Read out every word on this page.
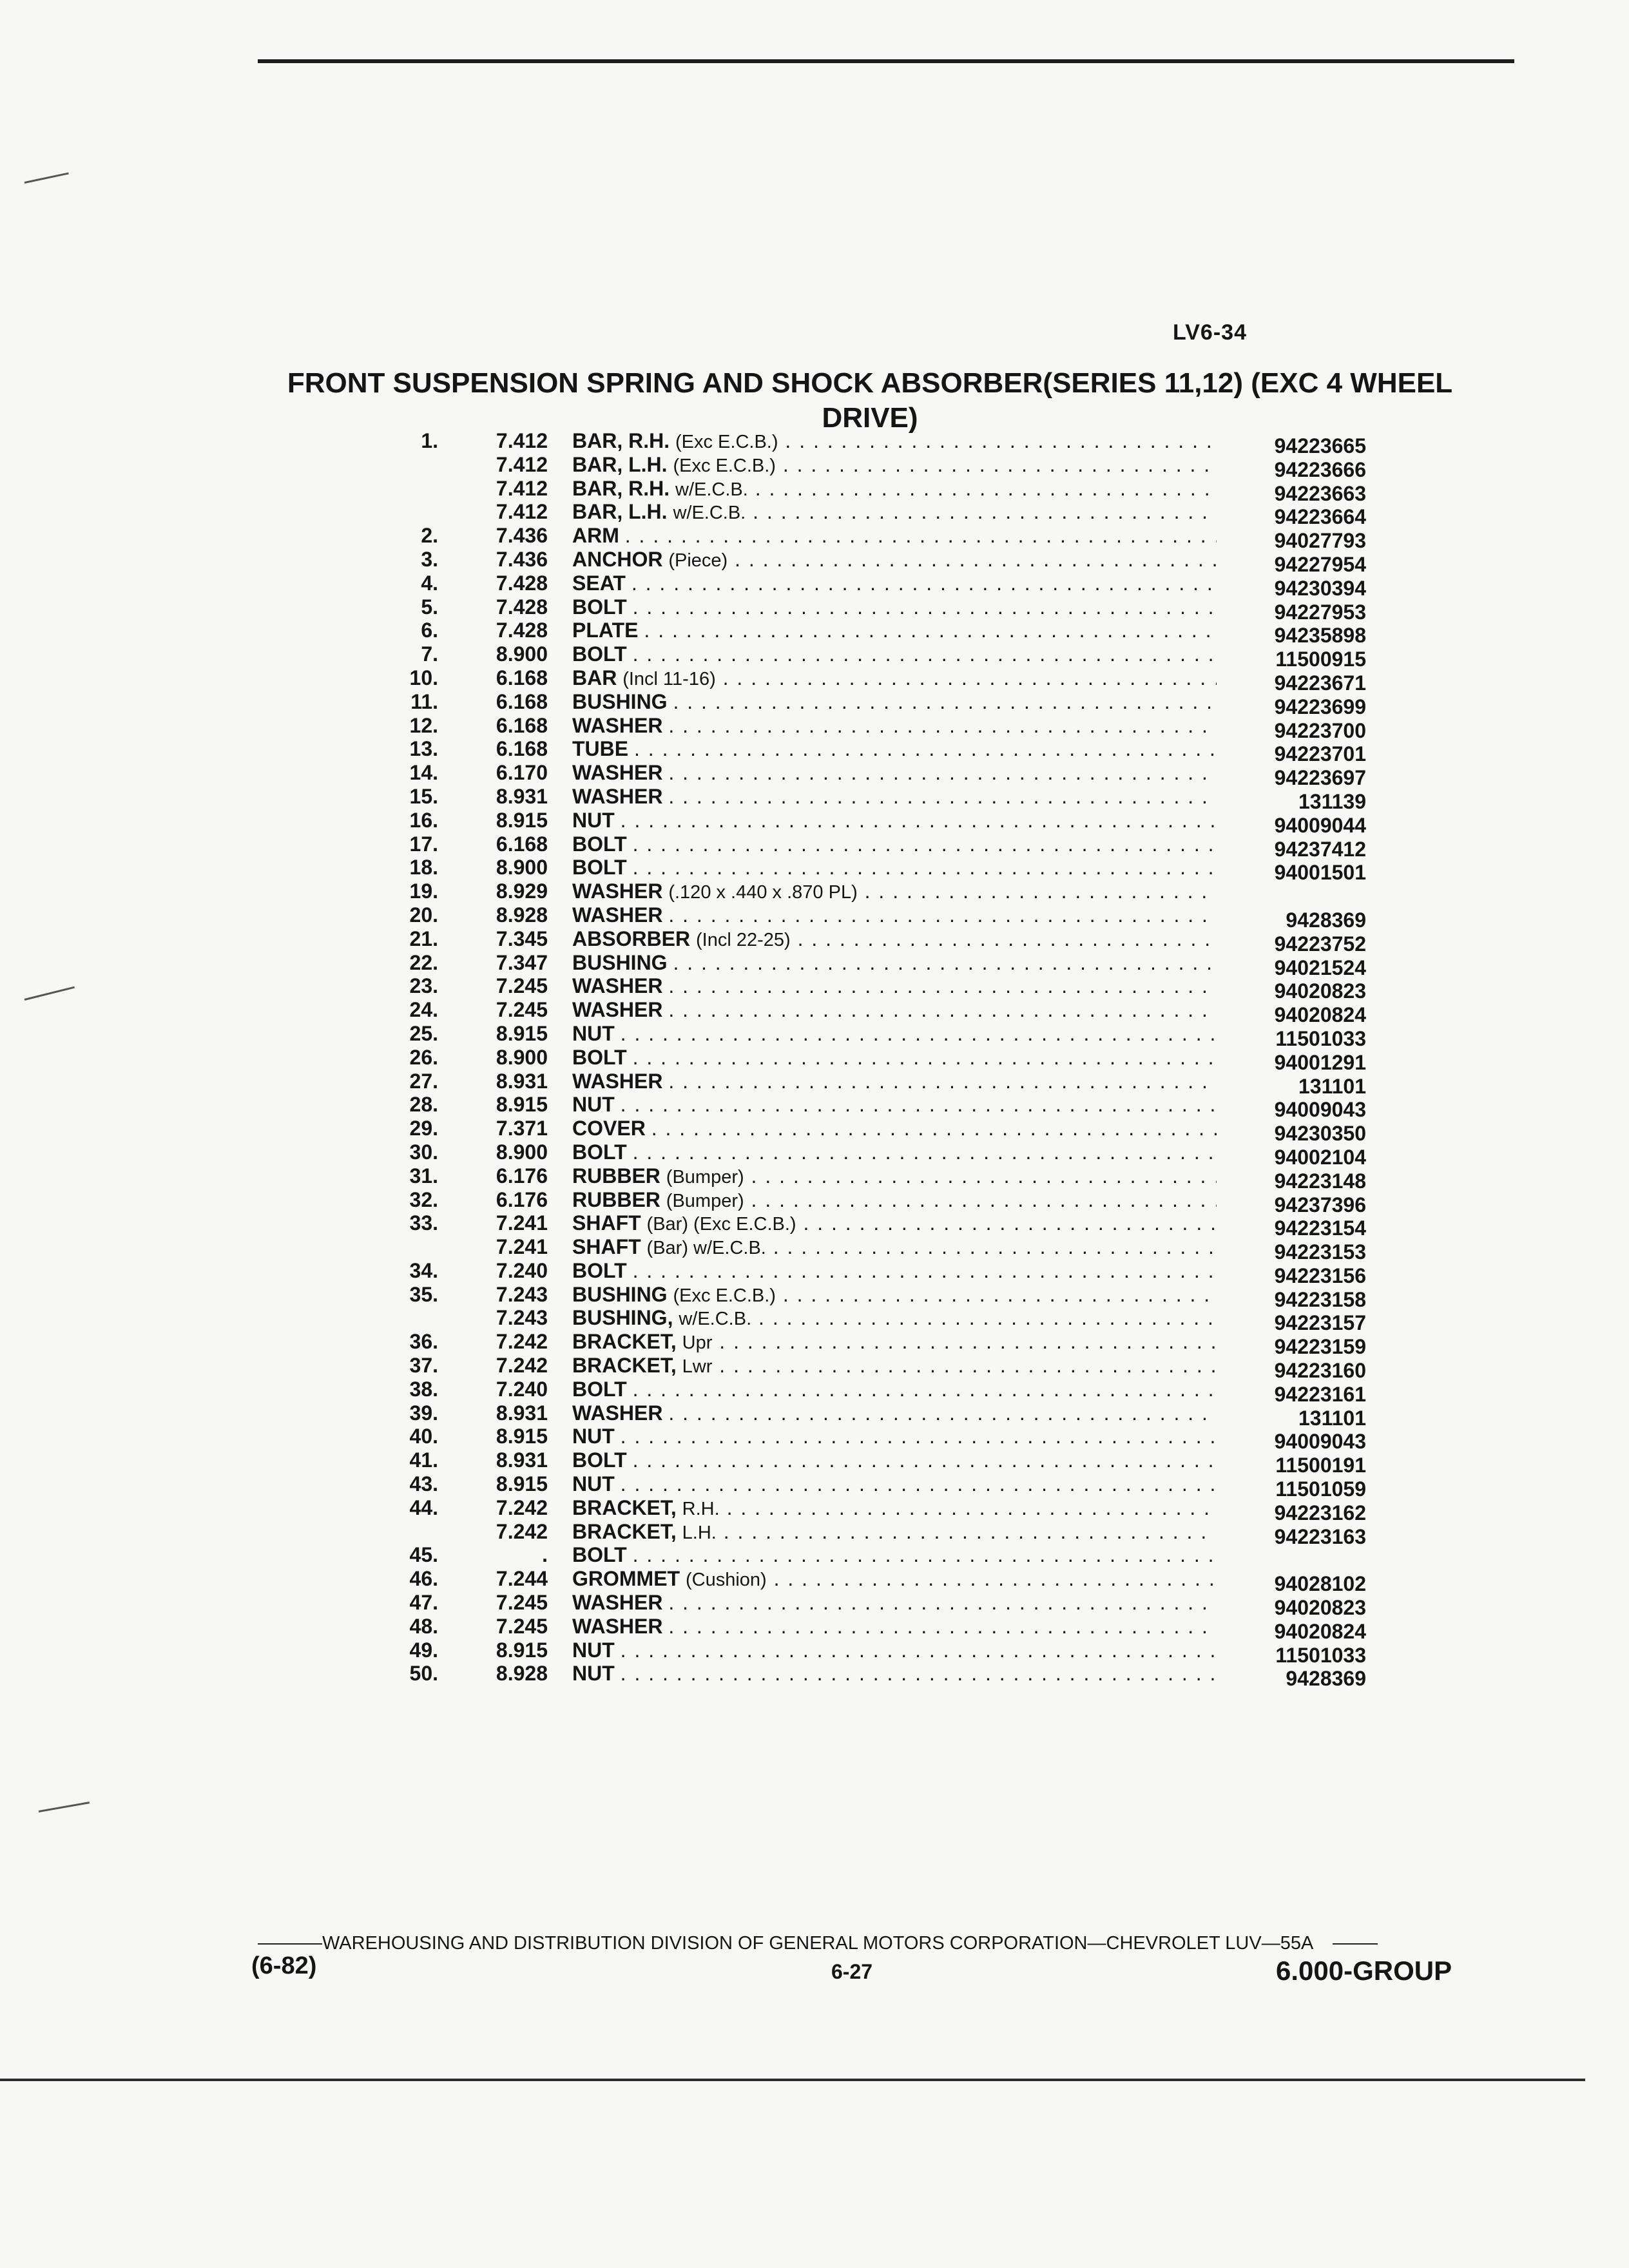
LV6-34
FRONT SUSPENSION SPRING AND SHOCK ABSORBER(SERIES 11,12) (EXC 4 WHEEL DRIVE)
1.	7.412 BAR, R.H. (Exc E.C.B.) . . .	94223665
7.412 BAR, L.H. (Exc E.C.B.) . . .	94223666
7.412 BAR, R.H. w/E.C.B. . . .	94223663
7.412 BAR, L.H. w/E.C.B. . . .	94223664
2.	7.436 ARM . . .	94027793
3.	7.436 ANCHOR (Piece) . . .	94227954
4.	7.428 SEAT . . .	94230394
5.	7.428 BOLT . . .	94227953
6.	7.428 PLATE . . .	94235898
7.	8.900 BOLT . . .	11500915
10.	6.168 BAR (Incl 11-16) . . .	94223671
11.	6.168 BUSHING . . .	94223699
12.	6.168 WASHER . . .	94223700
13.	6.168 TUBE . . .	94223701
14.	6.170 WASHER . . .	94223697
15.	8.931 WASHER . . .	131139
16.	8.915 NUT . . .	94009044
17.	6.168 BOLT . . .	94237412
18.	8.900 BOLT . . .	94001501
19.	8.929 WASHER (.120 x .440 x .870 PL) . . .
20.	8.928 WASHER . . .	9428369
21.	7.345 ABSORBER (Incl 22-25) . . .	94223752
22.	7.347 BUSHING . . .	94021524
23.	7.245 WASHER . . .	94020823
24.	7.245 WASHER . . .	94020824
25.	8.915 NUT . . .	11501033
26.	8.900 BOLT . . .	94001291
27.	8.931 WASHER . . .	131101
28.	8.915 NUT . . .	94009043
29.	7.371 COVER . . .	94230350
30.	8.900 BOLT . . .	94002104
31.	6.176 RUBBER (Bumper) . . .	94223148
32.	6.176 RUBBER (Bumper) . . .	94237396
33.	7.241 SHAFT (Bar) (Exc E.C.B.) . . .	94223154
7.241 SHAFT (Bar) w/E.C.B. . . .	94223153
34.	7.240 BOLT . . .	94223156
35.	7.243 BUSHING (Exc E.C.B.) . . .	94223158
7.243 BUSHING, w/E.C.B. . . .	94223157
36.	7.242 BRACKET, Upr . . .	94223159
37.	7.242 BRACKET, Lwr . . .	94223160
38.	7.240 BOLT . . .	94223161
39.	8.931 WASHER . . .	131101
40.	8.915 NUT . . .	94009043
41.	8.931 BOLT . . .	11500191
43.	8.915 NUT . . .	11501059
44.	7.242 BRACKET, R.H. . . .	94223162
7.242 BRACKET, L.H. . . .	94223163
45.	. BOLT . . .
46.	7.244 GROMMET (Cushion) . . .	94028102
47.	7.245 WASHER . . .	94020823
48.	7.245 WASHER . . .	94020824
49.	8.915 NUT . . .	11501033
50.	8.928 NUT . . .	9428369
WAREHOUSING AND DISTRIBUTION DIVISION OF GENERAL MOTORS CORPORATION—CHEVROLET LUV—55A
(6-82)	6-27	6.000-GROUP
